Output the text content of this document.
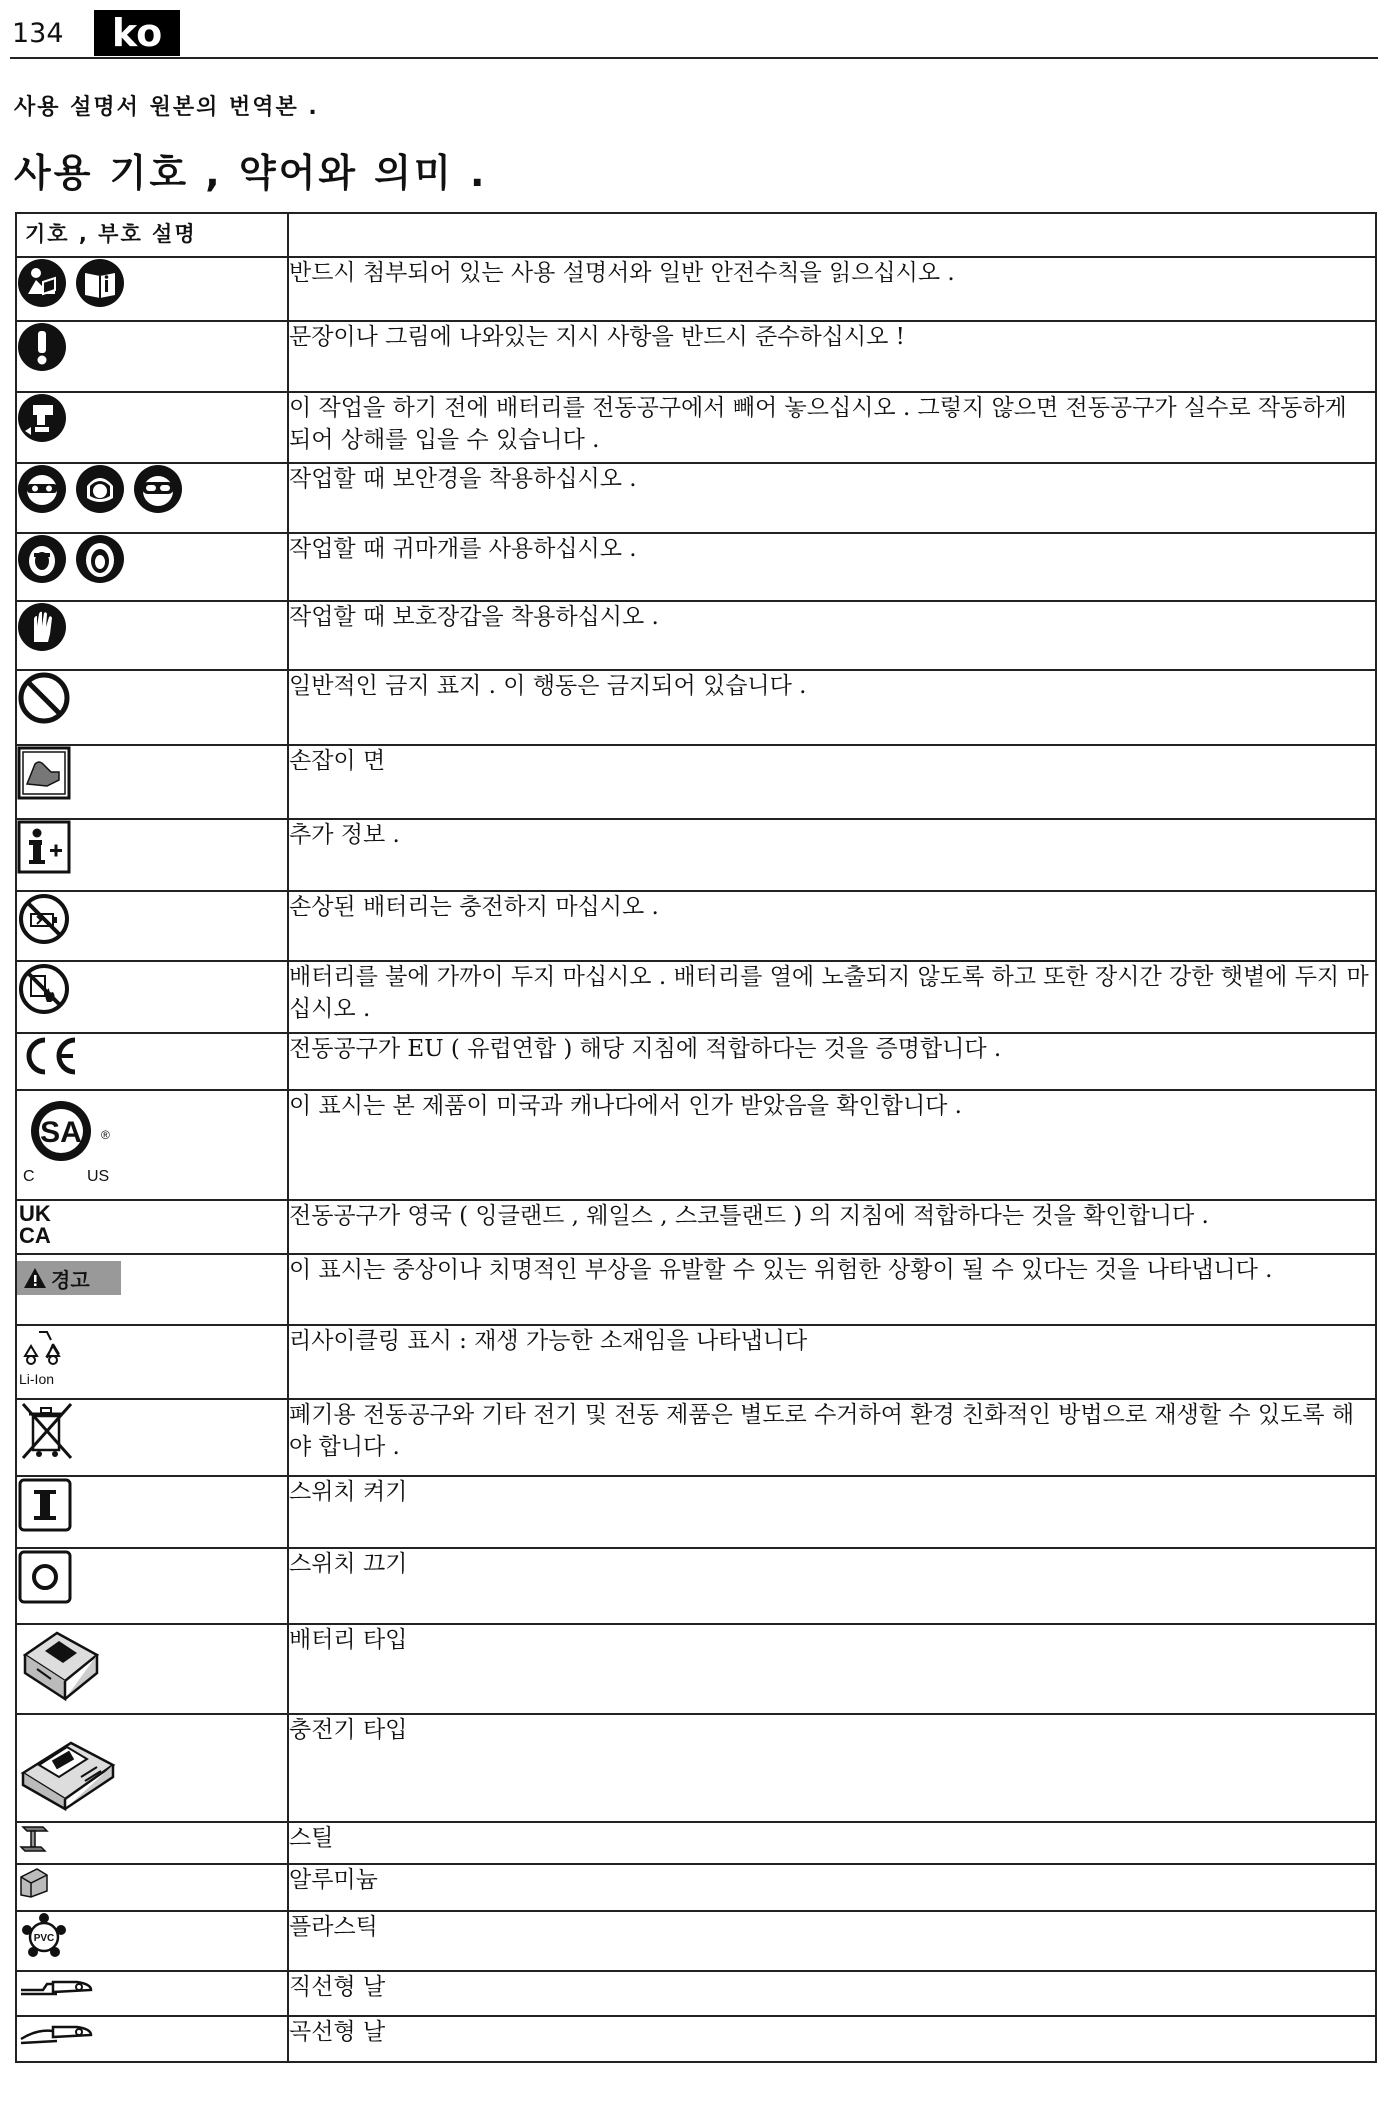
134	ko
사용 설명서 원본의 번역본 .
사용 기호 , 약어와 의미 .
기호 , 부호 설명	

	반드시 첨부되어 있는 사용 설명서와 일반 안전수칙을 읽으십시오 .

	문장이나 그림에 나와있는 지시 사항을 반드시 준수하십시오 !

	이 작업을 하기 전에 배터리를 전동공구에서 빼어 놓으십시오 . 그렇지 않으면 전동공구가 실수로 작동하게 되어 상해를 입을 수 있습니다 .

	작업할 때 보안경을 착용하십시오 .

	작업할 때 귀마개를 사용하십시오 .

	작업할 때 보호장갑을 착용하십시오 .

	일반적인 금지 표지 . 이 행동은 금지되어 있습니다 .

	손잡이 면

	추가 정보 .

	손상된 배터리는 충전하지 마십시오 .

	배터리를 불에 가까이 두지 마십시오 . 배터리를 열에 노출되지 않도록 하고 또한 장시간 강한 햇볕에 두지 마십시오 .

	전동공구가 EU ( 유럽연합 ) 해당 지침에 적합하다는 것을 증명합니다 .

SA ®
C US	이 표시는 본 제품이 미국과 캐나다에서 인가 받았음을 확인합니다 .

UK
CA	전동공구가 영국 ( 잉글랜드 , 웨일스 , 스코틀랜드 ) 의 지침에 적합하다는 것을 확인합니다 .

경고	이 표시는 중상이나 치명적인 부상을 유발할 수 있는 위험한 상황이 될 수 있다는 것을 나타냅니다 .

Li-Ion	리사이클링 표시 : 재생 가능한 소재임을 나타냅니다

	폐기용 전동공구와 기타 전기 및 전동 제품은 별도로 수거하여 환경 친화적인 방법으로 재생할 수 있도록 해야 합니다 .

	스위치 켜기

	스위치 끄기

	배터리 타입

	충전기 타입

	스틸

	알루미늄

PVC	플라스틱

	직선형 날

	곡선형 날
